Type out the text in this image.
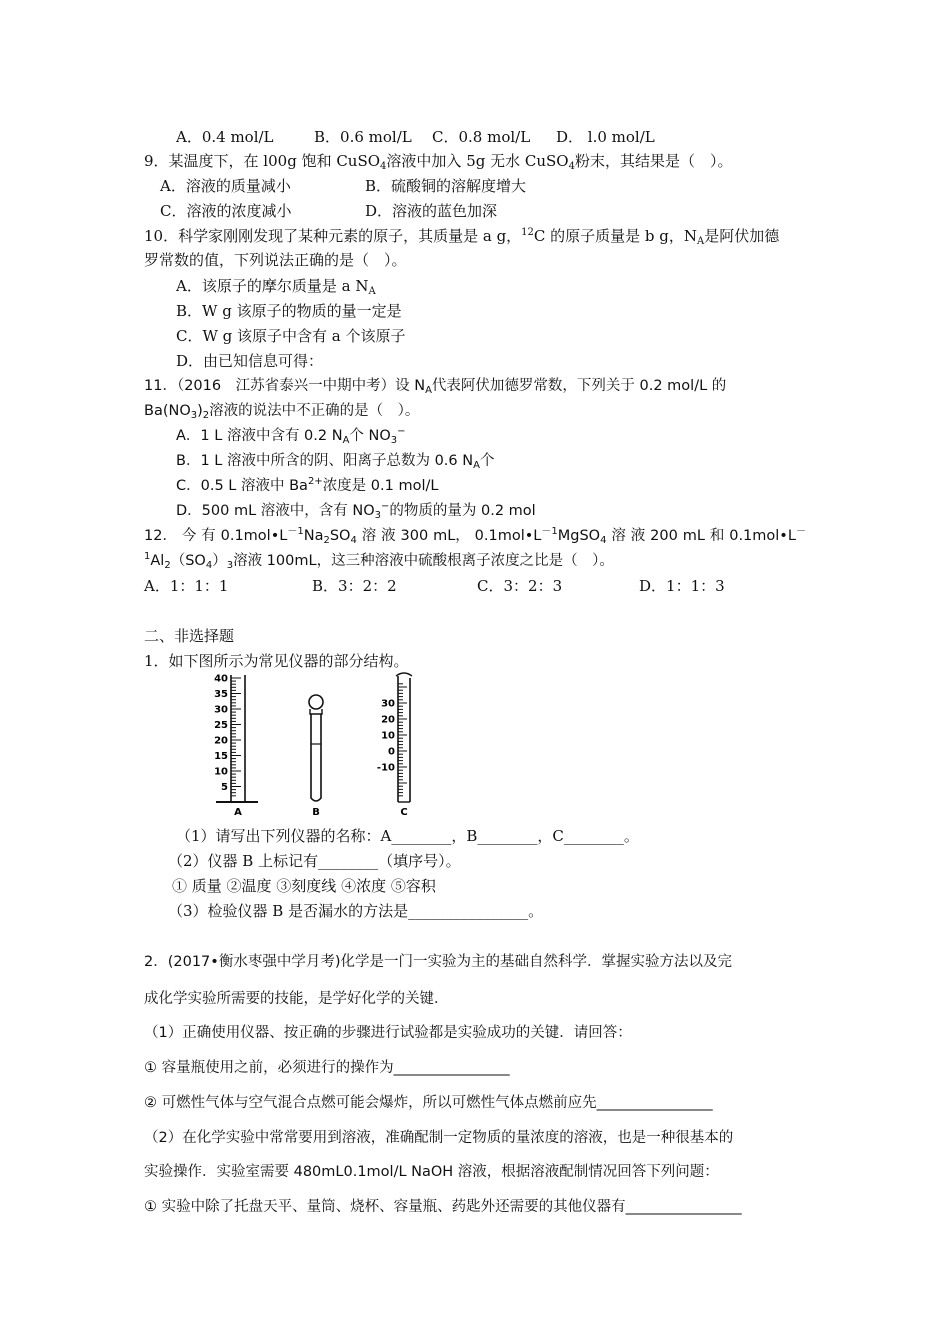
A．0.4 mol/L	B．0.6 mol/L C．0.8 mol/L D． l.0 mol/L
9．某温度下，在 l00g 饱和 CuSO$_4$溶液中加入 5g 无水 CuSO$_4$粉末，其结果是（　）。
A．溶液的质量减小	B．硫酸铜的溶解度增大
C．溶液的浓度减小	D．溶液的蓝色加深
10．科学家刚刚发现了某种元素的原子，其质量是 a g，$^{12}$C 的原子质量是 b g，$N_A$是阿伏加德
罗常数的值，下列说法正确的是（　）。
A．该原子的摩尔质量是 a $N_A$
B．W g 该原子的物质的量一定是
C．W g 该原子中含有 a 个该原子
D．由已知信息可得：
11．（2016　江苏省泰兴一中期中考）设 $N_A$代表阿伏加德罗常数，下列关于 0.2 mol/L 的
$Ba(NO_3)_2$溶液的说法中不正确的是（　）。
A．1 L 溶液中含有 0.2 $N_A$个 $NO_3^-$
B．1 L 溶液中所含的阴、阳离子总数为 0.6 $N_A$个
C．0.5 L 溶液中 $Ba^{2+}$浓度是 0.1 mol/L
D．500 mL 溶液中，含有 $NO_3^-$的物质的量为 0.2 mol
12． 今 有 $0.1mol•L^{-1}Na_2SO_4$ 溶 液 300 mL， $0.1mol•L^{-1}MgSO_4$ 溶 液 200 mL 和 0.1mol•L－
$^1Al_2(SO_4)_3$溶液 100mL，这三种溶液中硫酸根离子浓度之比是（　）。
A．1：1：1	B．3：2：2	C．3：2：3	D．1：1：3
二、非选择题
1．如下图所示为常见仪器的部分结构。
40
35
30
25
20
15
10
5
30
20
10
0
-10
A	B	C
（1）请写出下列仪器的名称：A________，B________，C________。
（2）仪器 B 上标记有________（填序号）。
① 质量 ②温度 ③刻度线 ④浓度 ⑤容积
（3）检验仪器 B 是否漏水的方法是________________。
2．(2017•衡水枣强中学月考)化学是一门一实验为主的基础自然科学．掌握实验方法以及完
成化学实验所需要的技能，是学好化学的关键．
（1）正确使用仪器、按正确的步骤进行试验都是实验成功的关键．请回答：
① 容量瓶使用之前，必须进行的操作为________________
② 可燃性气体与空气混合点燃可能会爆炸，所以可燃性气体点燃前应先________________
（2）在化学实验中常常要用到溶液，准确配制一定物质的量浓度的溶液，也是一种很基本的
实验操作．实验室需要 480mL0.1mol/L NaOH 溶液，根据溶液配制情况回答下列问题：
① 实验中除了托盘天平、量筒、烧杯、容量瓶、药匙外还需要的其他仪器有________________
